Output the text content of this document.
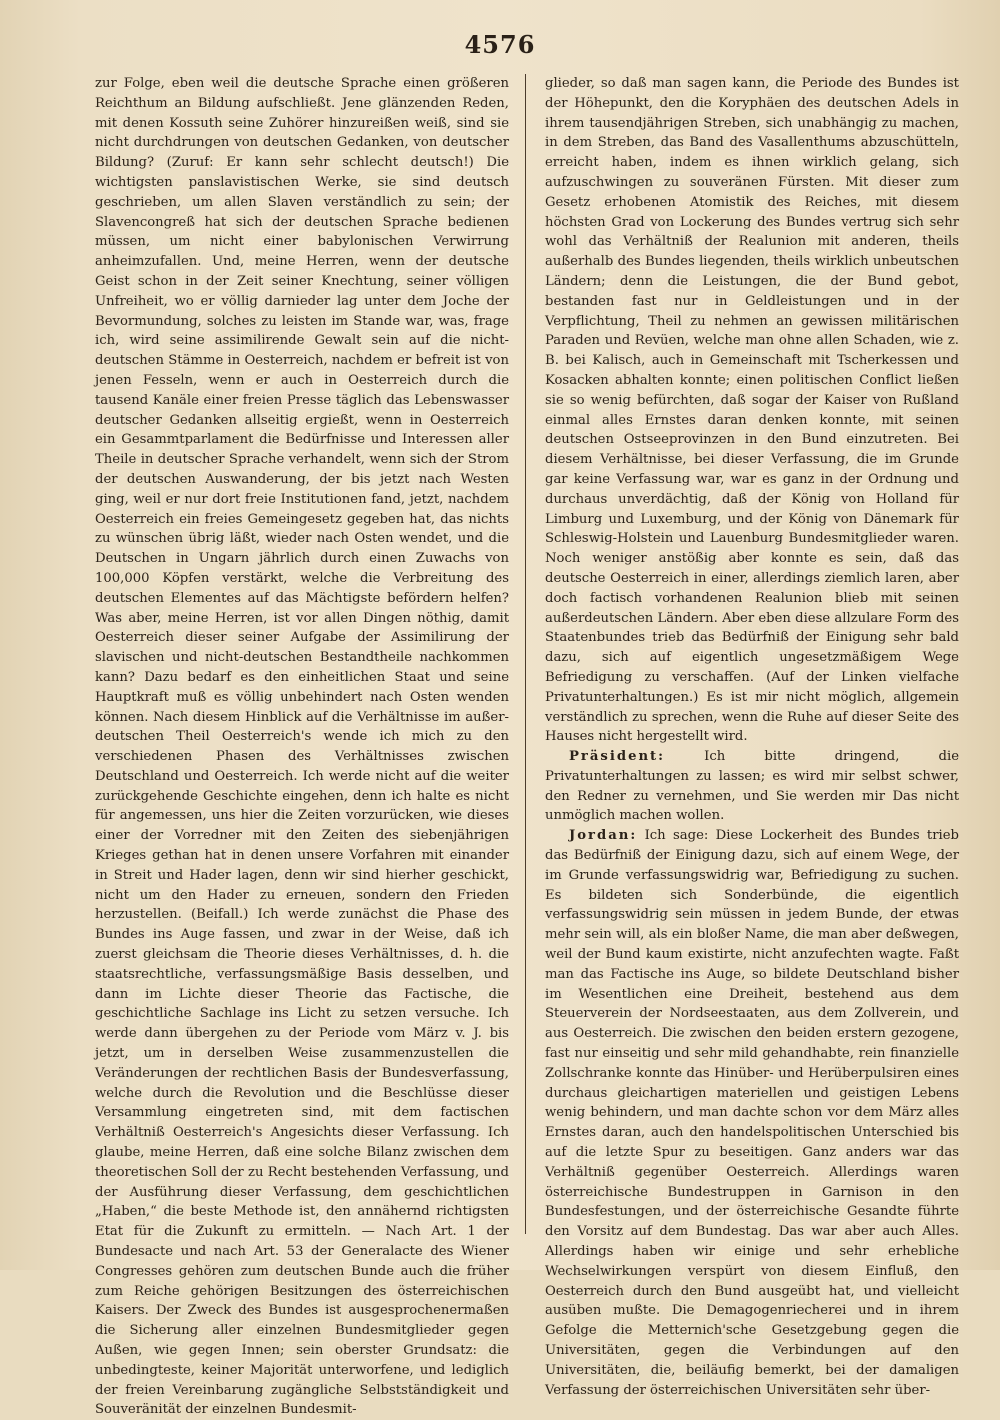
4576

zur Folge, eben weil die deutsche Sprache einen größeren Reichthum an Bildung aufschließt. Jene glänzenden Reden, mit denen Kossuth seine Zuhörer hinzureißen weiß, sind sie nicht durchdrungen von deutschen Gedanken, von deutscher Bildung? (Zuruf: Er kann sehr schlecht deutsch!) Die wichtigsten panslavistischen Werke, sie sind deutsch geschrieben, um allen Slaven verständlich zu sein; der Slavencongreß hat sich der deutschen Sprache bedienen müssen, um nicht einer babylonischen Verwirrung anheimzufallen. Und, meine Herren, wenn der deutsche Geist schon in der Zeit seiner Knechtung, seiner völligen Unfreiheit, wo er völlig darnieder lag unter dem Joche der Bevormundung, solches zu leisten im Stande war, was, frage ich, wird seine assimilirende Gewalt sein auf die nicht-deutschen Stämme in Oesterreich, nachdem er befreit ist von jenen Fesseln, wenn er auch in Oesterreich durch die tausend Kanäle einer freien Presse täglich das Lebenswasser deutscher Gedanken allseitig ergießt, wenn in Oesterreich ein Gesammtparlament die Bedürfnisse und Interessen aller Theile in deutscher Sprache verhandelt, wenn sich der Strom der deutschen Auswanderung, der bis jetzt nach Westen ging, weil er nur dort freie Institutionen fand, jetzt, nachdem Oesterreich ein freies Gemeingesetz gegeben hat, das nichts zu wünschen übrig läßt, wieder nach Osten wendet, und die Deutschen in Ungarn jährlich durch einen Zuwachs von 100,000 Köpfen verstärkt, welche die Verbreitung des deutschen Elementes auf das Mächtigste befördern helfen? Was aber, meine Herren, ist vor allen Dingen nöthig, damit Oesterreich dieser seiner Aufgabe der Assimilirung der slavischen und nicht-deutschen Bestandtheile nachkommen kann? Dazu bedarf es den einheitlichen Staat und seine Hauptkraft muß es völlig unbehindert nach Osten wenden können. Nach diesem Hinblick auf die Verhältnisse im außer-deutschen Theil Oesterreich's wende ich mich zu den verschiedenen Phasen des Verhältnisses zwischen Deutschland und Oesterreich. Ich werde nicht auf die weiter zurückgehende Geschichte eingehen, denn ich halte es nicht für angemessen, uns hier die Zeiten vorzurücken, wie dieses einer der Vorredner mit den Zeiten des siebenjährigen Krieges gethan hat in denen unsere Vorfahren mit einander in Streit und Hader lagen, denn wir sind hierher geschickt, nicht um den Hader zu erneuen, sondern den Frieden herzustellen. (Beifall.) Ich werde zunächst die Phase des Bundes ins Auge fassen, und zwar in der Weise, daß ich zuerst gleichsam die Theorie dieses Verhältnisses, d. h. die staatsrechtliche, verfassungsmäßige Basis desselben, und dann im Lichte dieser Theorie das Factische, die geschichtliche Sachlage ins Licht zu setzen versuche. Ich werde dann übergehen zu der Periode vom März v. J. bis jetzt, um in derselben Weise zusammenzustellen die Veränderungen der rechtlichen Basis der Bundesverfassung, welche durch die Revolution und die Beschlüsse dieser Versammlung eingetreten sind, mit dem factischen Verhältniß Oesterreich's Angesichts dieser Verfassung. Ich glaube, meine Herren, daß eine solche Bilanz zwischen dem theoretischen Soll der zu Recht bestehenden Verfassung, und der Ausführung dieser Verfassung, dem geschichtlichen „Haben,“ die beste Methode ist, den annähernd richtigsten Etat für die Zukunft zu ermitteln. — Nach Art. 1 der Bundesacte und nach Art. 53 der Generalacte des Wiener Congresses gehören zum deutschen Bunde auch die früher zum Reiche gehörigen Besitzungen des österreichischen Kaisers. Der Zweck des Bundes ist ausgesprochenermaßen die Sicherung aller einzelnen Bundesmitglieder gegen Außen, wie gegen Innen; sein oberster Grundsatz: die unbedingteste, keiner Majorität unterworfene, und lediglich der freien Vereinbarung zugängliche Selbstständigkeit und Souveränität der einzelnen Bundesmit-

glieder, so daß man sagen kann, die Periode des Bundes ist der Höhepunkt, den die Koryphäen des deutschen Adels in ihrem tausendjährigen Streben, sich unabhängig zu machen, in dem Streben, das Band des Vasallenthums abzuschütteln, erreicht haben, indem es ihnen wirklich gelang, sich aufzuschwingen zu souveränen Fürsten. Mit dieser zum Gesetz erhobenen Atomistik des Reiches, mit diesem höchsten Grad von Lockerung des Bundes vertrug sich sehr wohl das Verhältniß der Realunion mit anderen, theils außerhalb des Bundes liegenden, theils wirklich unbeutschen Ländern; denn die Leistungen, die der Bund gebot, bestanden fast nur in Geldleistungen und in der Verpflichtung, Theil zu nehmen an gewissen militärischen Paraden und Revüen, welche man ohne allen Schaden, wie z. B. bei Kalisch, auch in Gemeinschaft mit Tscherkessen und Kosacken abhalten konnte; einen politischen Conflict ließen sie so wenig befürchten, daß sogar der Kaiser von Rußland einmal alles Ernstes daran denken konnte, mit seinen deutschen Ostseeprovinzen in den Bund einzutreten. Bei diesem Verhältnisse, bei dieser Verfassung, die im Grunde gar keine Verfassung war, war es ganz in der Ordnung und durchaus unverdächtig, daß der König von Holland für Limburg und Luxemburg, und der König von Dänemark für Schleswig-Holstein und Lauenburg Bundesmitglieder waren. Noch weniger anstößig aber konnte es sein, daß das deutsche Oesterreich in einer, allerdings ziemlich laren, aber doch factisch vorhandenen Realunion blieb mit seinen außerdeutschen Ländern. Aber eben diese allzulare Form des Staatenbundes trieb das Bedürfniß der Einigung sehr bald dazu, sich auf eigentlich ungesetzmäßigem Wege Befriedigung zu verschaffen. (Auf der Linken vielfache Privatunterhaltungen.) Es ist mir nicht möglich, allgemein verständlich zu sprechen, wenn die Ruhe auf dieser Seite des Hauses nicht hergestellt wird.

Präsident: Ich bitte dringend, die Privatunterhaltungen zu lassen; es wird mir selbst schwer, den Redner zu vernehmen, und Sie werden mir Das nicht unmöglich machen wollen.

Jordan: Ich sage: Diese Lockerheit des Bundes trieb das Bedürfniß der Einigung dazu, sich auf einem Wege, der im Grunde verfassungswidrig war, Befriedigung zu suchen. Es bildeten sich Sonderbünde, die eigentlich verfassungswidrig sein müssen in jedem Bunde, der etwas mehr sein will, als ein bloßer Name, die man aber deßwegen, weil der Bund kaum existirte, nicht anzufechten wagte. Faßt man das Factische ins Auge, so bildete Deutschland bisher im Wesentlichen eine Dreiheit, bestehend aus dem Steuerverein der Nordseestaaten, aus dem Zollverein, und aus Oesterreich. Die zwischen den beiden erstern gezogene, fast nur einseitig und sehr mild gehandhabte, rein finanzielle Zollschranke konnte das Hinüber- und Herüberpulsiren eines durchaus gleichartigen materiellen und geistigen Lebens wenig behindern, und man dachte schon vor dem März alles Ernstes daran, auch den handelspolitischen Unterschied bis auf die letzte Spur zu beseitigen. Ganz anders war das Verhältniß gegenüber Oesterreich. Allerdings waren österreichische Bundestruppen in Garnison in den Bundesfestungen, und der österreichische Gesandte führte den Vorsitz auf dem Bundestag. Das war aber auch Alles. Allerdings haben wir einige und sehr erhebliche Wechselwirkungen verspürt von diesem Einfluß, den Oesterreich durch den Bund ausgeübt hat, und vielleicht ausüben mußte. Die Demagogenriecherei und in ihrem Gefolge die Metternich'sche Gesetzgebung gegen die Universitäten, gegen die Verbindungen auf den Universitäten, die, beiläufig bemerkt, bei der damaligen Verfassung der österreichischen Universitäten sehr über-
